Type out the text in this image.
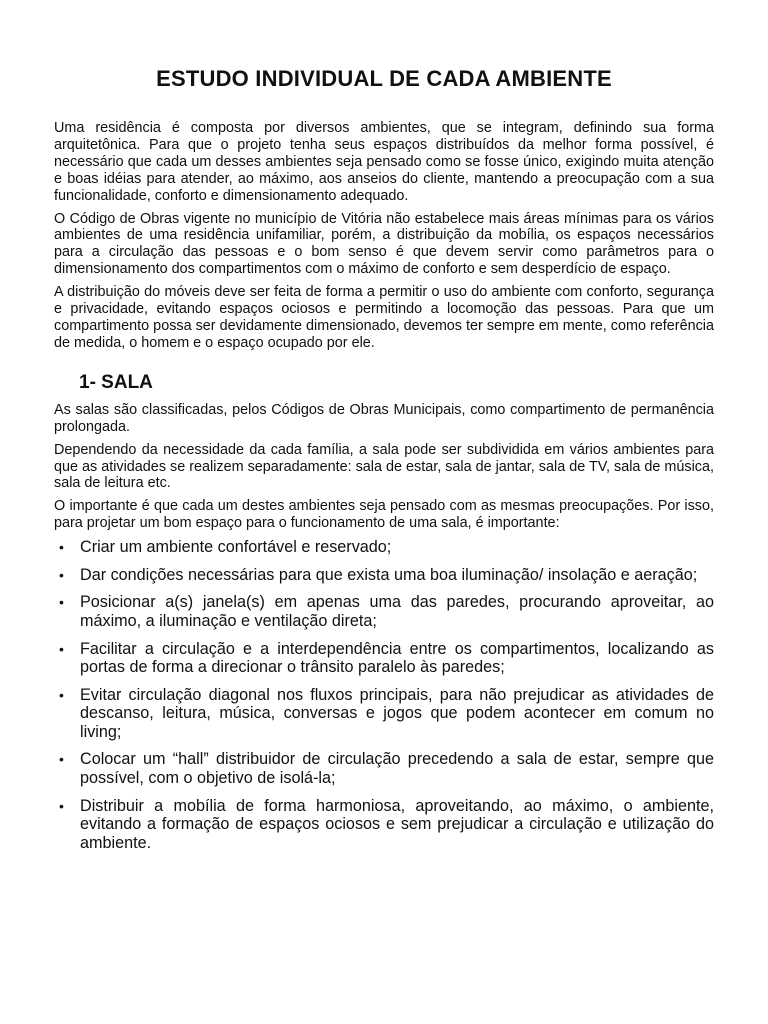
ESTUDO INDIVIDUAL DE CADA AMBIENTE

Uma residência é composta por diversos ambientes, que se integram, definindo sua forma arquitetônica. Para que o projeto tenha seus espaços distribuídos da melhor forma possível, é necessário que cada um desses ambientes seja pensado como se fosse único, exigindo muita atenção e boas idéias para atender, ao máximo, aos anseios do cliente, mantendo a preocupação com a sua funcionalidade, conforto e dimensionamento adequado.

O Código de Obras vigente no município de Vitória não estabelece mais áreas mínimas para os vários ambientes de uma residência unifamiliar, porém, a distribuição da mobília, os espaços necessários para a circulação das pessoas e o bom senso é que devem servir como parâmetros para o dimensionamento dos compartimentos com o máximo de conforto e sem desperdício de espaço.

A distribuição do móveis deve ser feita de forma a permitir o uso do ambiente com conforto, segurança e privacidade, evitando espaços ociosos e permitindo a locomoção das pessoas. Para que um compartimento possa ser devidamente dimensionado, devemos ter sempre em mente, como referência de medida, o homem e o espaço ocupado por ele.

1- SALA

As salas são classificadas, pelos Códigos de Obras Municipais, como compartimento de permanência prolongada.

Dependendo da necessidade da cada família, a sala pode ser subdividida em vários ambientes para que as atividades se realizem separadamente: sala de estar, sala de jantar, sala de TV, sala de música, sala de leitura etc.

O importante é que cada um destes ambientes seja pensado com as mesmas preocupações. Por isso, para projetar um bom espaço para o funcionamento de uma sala, é importante:

• Criar um ambiente confortável e reservado;
• Dar condições necessárias para que exista uma boa iluminação/ insolação e aeração;
• Posicionar a(s) janela(s) em apenas uma das paredes, procurando aproveitar, ao máximo, a iluminação e ventilação direta;
• Facilitar a circulação e a interdependência entre os compartimentos, localizando as portas de forma a direcionar o trânsito paralelo às paredes;
• Evitar circulação diagonal nos fluxos principais, para não prejudicar as atividades de descanso, leitura, música, conversas e jogos que podem acontecer em comum no living;
• Colocar um “hall” distribuidor de circulação precedendo a sala de estar, sempre que possível, com o objetivo de isolá-la;
• Distribuir a mobília de forma harmoniosa, aproveitando, ao máximo, o ambiente, evitando a formação de espaços ociosos e sem prejudicar a circulação e utilização do ambiente.
